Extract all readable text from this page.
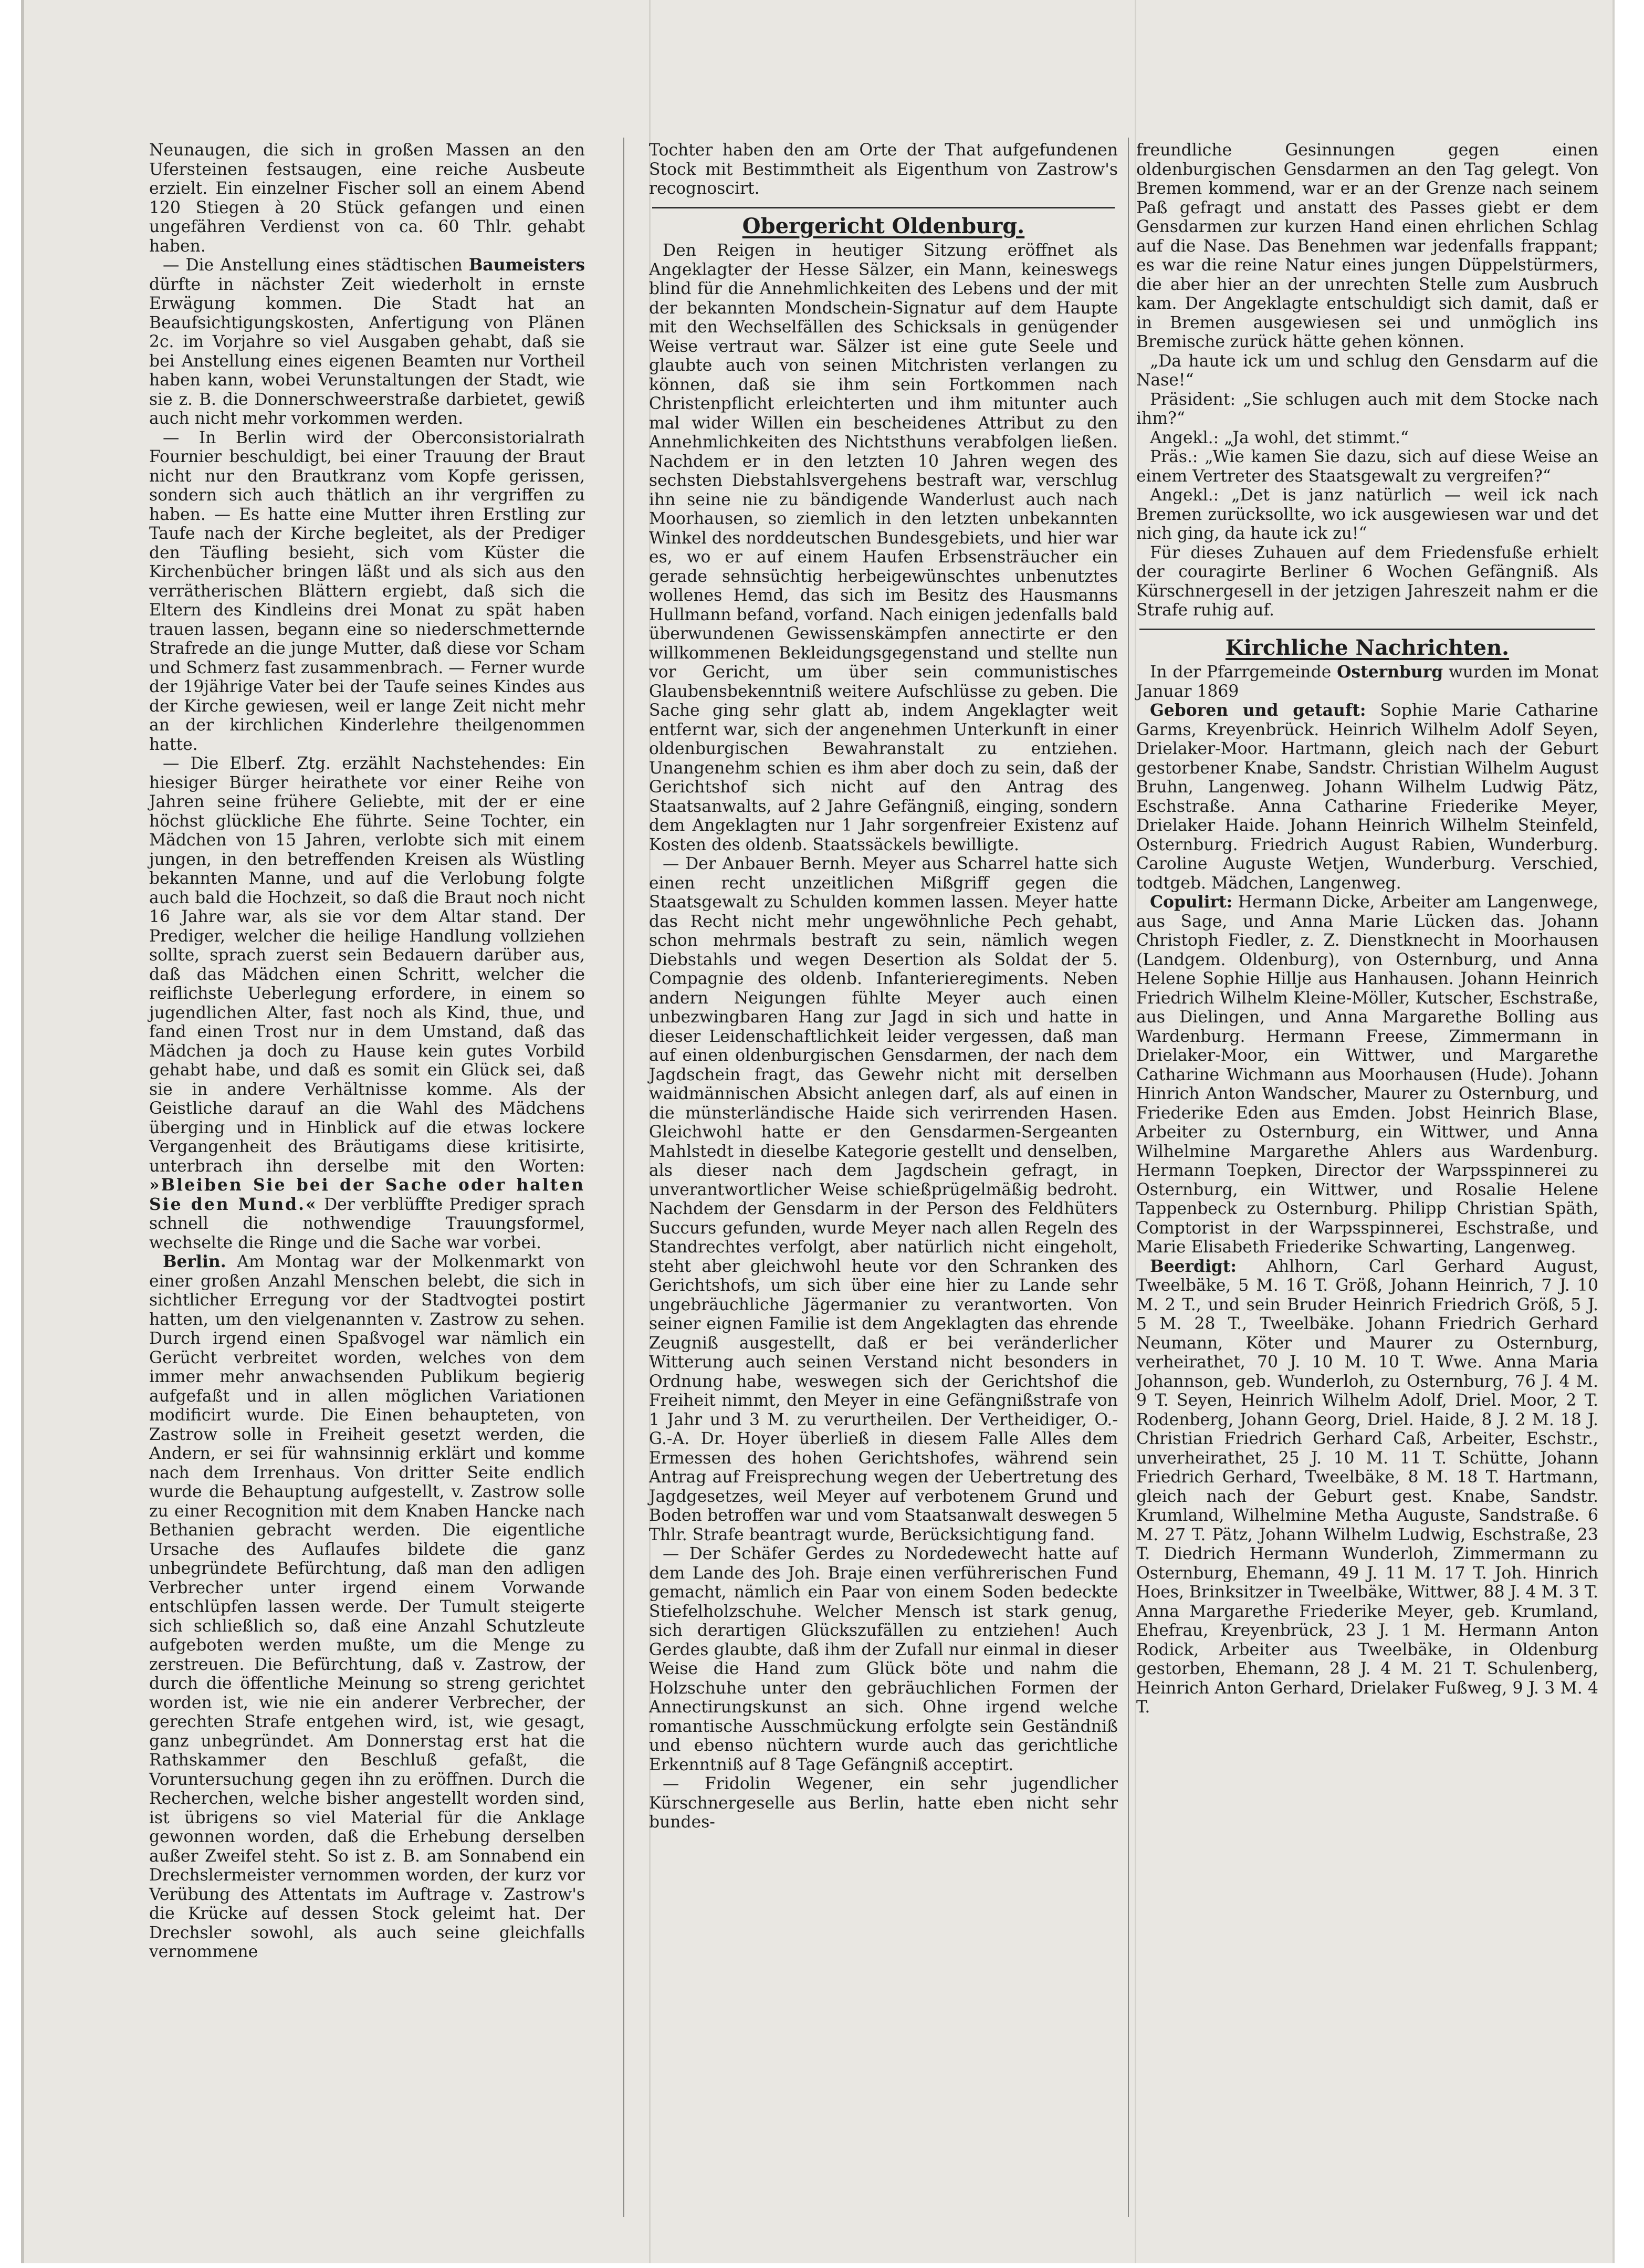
Neunaugen, die sich in großen Massen an den Ufersteinen festsaugen, eine reiche Ausbeute erzielt. Ein einzelner Fischer soll an einem Abend 120 Stiegen à 20 Stück gefangen und einen ungefähren Verdienst von ca. 60 Thlr. gehabt haben.

— Die Anstellung eines städtischen Baumeisters dürfte in nächster Zeit wiederholt in ernste Erwägung kommen. Die Stadt hat an Beaufsichtigungskosten, Anfertigung von Plänen 2c. im Vorjahre so viel Ausgaben gehabt, daß sie bei Anstellung eines eigenen Beamten nur Vortheil haben kann, wobei Verunstaltungen der Stadt, wie sie z. B. die Donnerschweerstraße darbietet, gewiß auch nicht mehr vorkommen werden.

— In Berlin wird der Oberconsistorialrath Fournier beschuldigt, bei einer Trauung der Braut nicht nur den Brautkranz vom Kopfe gerissen, sondern sich auch thätlich an ihr vergriffen zu haben. — Es hatte eine Mutter ihren Erstling zur Taufe nach der Kirche begleitet, als der Prediger den Täufling besieht, sich vom Küster die Kirchenbücher bringen läßt und als sich aus den verrätherischen Blättern ergiebt, daß sich die Eltern des Kindleins drei Monat zu spät haben trauen lassen, begann eine so niederschmetternde Strafrede an die junge Mutter, daß diese vor Scham und Schmerz fast zusammenbrach. — Ferner wurde der 19jährige Vater bei der Taufe seines Kindes aus der Kirche gewiesen, weil er lange Zeit nicht mehr an der kirchlichen Kinderlehre theilgenommen hatte.

— Die Elberf. Ztg. erzählt Nachstehendes: Ein hiesiger Bürger heirathete vor einer Reihe von Jahren seine frühere Geliebte, mit der er eine höchst glückliche Ehe führte. Seine Tochter, ein Mädchen von 15 Jahren, verlobte sich mit einem jungen, in den betreffenden Kreisen als Wüstling bekannten Manne, und auf die Verlobung folgte auch bald die Hochzeit, so daß die Braut noch nicht 16 Jahre war, als sie vor dem Altar stand. Der Prediger, welcher die heilige Handlung vollziehen sollte, sprach zuerst sein Bedauern darüber aus, daß das Mädchen einen Schritt, welcher die reiflichste Ueberlegung erfordere, in einem so jugendlichen Alter, fast noch als Kind, thue, und fand einen Trost nur in dem Umstand, daß das Mädchen ja doch zu Hause kein gutes Vorbild gehabt habe, und daß es somit ein Glück sei, daß sie in andere Verhältnisse komme. Als der Geistliche darauf an die Wahl des Mädchens überging und in Hinblick auf die etwas lockere Vergangenheit des Bräutigams diese kritisirte, unterbrach ihn derselbe mit den Worten: »Bleiben Sie bei der Sache oder halten Sie den Mund.« Der verblüffte Prediger sprach schnell die nothwendige Trauungsformel, wechselte die Ringe und die Sache war vorbei.

Berlin. Am Montag war der Molkenmarkt von einer großen Anzahl Menschen belebt, die sich in sichtlicher Erregung vor der Stadtvogtei postirt hatten, um den vielgenannten v. Zastrow zu sehen. Durch irgend einen Spaßvogel war nämlich ein Gerücht verbreitet worden, welches von dem immer mehr anwachsenden Publikum begierig aufgefaßt und in allen möglichen Variationen modificirt wurde. Die Einen behaupteten, von Zastrow solle in Freiheit gesetzt werden, die Andern, er sei für wahnsinnig erklärt und komme nach dem Irrenhaus. Von dritter Seite endlich wurde die Behauptung aufgestellt, v. Zastrow solle zu einer Recognition mit dem Knaben Hancke nach Bethanien gebracht werden. Die eigentliche Ursache des Auflaufes bildete die ganz unbegründete Befürchtung, daß man den adligen Verbrecher unter irgend einem Vorwande entschlüpfen lassen werde. Der Tumult steigerte sich schließlich so, daß eine Anzahl Schutzleute aufgeboten werden mußte, um die Menge zu zerstreuen. Die Befürchtung, daß v. Zastrow, der durch die öffentliche Meinung so streng gerichtet worden ist, wie nie ein anderer Verbrecher, der gerechten Strafe entgehen wird, ist, wie gesagt, ganz unbegründet. Am Donnerstag erst hat die Rathskammer den Beschluß gefaßt, die Voruntersuchung gegen ihn zu eröffnen. Durch die Recherchen, welche bisher angestellt worden sind, ist übrigens so viel Material für die Anklage gewonnen worden, daß die Erhebung derselben außer Zweifel steht. So ist z. B. am Sonnabend ein Drechslermeister vernommen worden, der kurz vor Verübung des Attentats im Auftrage v. Zastrow's die Krücke auf dessen Stock geleimt hat. Der Drechsler sowohl, als auch seine gleichfalls vernommene

Tochter haben den am Orte der That aufgefundenen Stock mit Bestimmtheit als Eigenthum von Zastrow's recognoscirt.

Obergericht Oldenburg.

Den Reigen in heutiger Sitzung eröffnet als Angeklagter der Hesse Sälzer, ein Mann, keineswegs blind für die Annehmlichkeiten des Lebens und der mit der bekannten Mondschein-Signatur auf dem Haupte mit den Wechselfällen des Schicksals in genügender Weise vertraut war. Sälzer ist eine gute Seele und glaubte auch von seinen Mitchristen verlangen zu können, daß sie ihm sein Fortkommen nach Christenpflicht erleichterten und ihm mitunter auch mal wider Willen ein bescheidenes Attribut zu den Annehmlichkeiten des Nichtsthuns verabfolgen ließen. Nachdem er in den letzten 10 Jahren wegen des sechsten Diebstahlsvergehens bestraft war, verschlug ihn seine nie zu bändigende Wanderlust auch nach Moorhausen, so ziemlich in den letzten unbekannten Winkel des norddeutschen Bundesgebiets, und hier war es, wo er auf einem Haufen Erbsensträucher ein gerade sehnsüchtig herbeigewünschtes unbenutztes wollenes Hemd, das sich im Besitz des Hausmanns Hullmann befand, vorfand. Nach einigen jedenfalls bald überwundenen Gewissenskämpfen annectirte er den willkommenen Bekleidungsgegenstand und stellte nun vor Gericht, um über sein communistisches Glaubensbekenntniß weitere Aufschlüsse zu geben. Die Sache ging sehr glatt ab, indem Angeklagter weit entfernt war, sich der angenehmen Unterkunft in einer oldenburgischen Bewahranstalt zu entziehen. Unangenehm schien es ihm aber doch zu sein, daß der Gerichtshof sich nicht auf den Antrag des Staatsanwalts, auf 2 Jahre Gefängniß, einging, sondern dem Angeklagten nur 1 Jahr sorgenfreier Existenz auf Kosten des oldenb. Staatssäckels bewilligte.

— Der Anbauer Bernh. Meyer aus Scharrel hatte sich einen recht unzeitlichen Mißgriff gegen die Staatsgewalt zu Schulden kommen lassen. Meyer hatte das Recht nicht mehr ungewöhnliche Pech gehabt, schon mehrmals bestraft zu sein, nämlich wegen Diebstahls und wegen Desertion als Soldat der 5. Compagnie des oldenb. Infanterieregiments. Neben andern Neigungen fühlte Meyer auch einen unbezwingbaren Hang zur Jagd in sich und hatte in dieser Leidenschaftlichkeit leider vergessen, daß man auf einen oldenburgischen Gensdarmen, der nach dem Jagdschein fragt, das Gewehr nicht mit derselben waidmännischen Absicht anlegen darf, als auf einen in die münsterländische Haide sich verirrenden Hasen. Gleichwohl hatte er den Gensdarmen-Sergeanten Mahlstedt in dieselbe Kategorie gestellt und denselben, als dieser nach dem Jagdschein gefragt, in unverantwortlicher Weise schießprügelmäßig bedroht. Nachdem der Gensdarm in der Person des Feldhüters Succurs gefunden, wurde Meyer nach allen Regeln des Standrechtes verfolgt, aber natürlich nicht eingeholt, steht aber gleichwohl heute vor den Schranken des Gerichtshofs, um sich über eine hier zu Lande sehr ungebräuchliche Jägermanier zu verantworten. Von seiner eignen Familie ist dem Angeklagten das ehrende Zeugniß ausgestellt, daß er bei veränderlicher Witterung auch seinen Verstand nicht besonders in Ordnung habe, weswegen sich der Gerichtshof die Freiheit nimmt, den Meyer in eine Gefängnißstrafe von 1 Jahr und 3 M. zu verurtheilen. Der Vertheidiger, O.-G.-A. Dr. Hoyer überließ in diesem Falle Alles dem Ermessen des hohen Gerichtshofes, während sein Antrag auf Freisprechung wegen der Uebertretung des Jagdgesetzes, weil Meyer auf verbotenem Grund und Boden betroffen war und vom Staatsanwalt deswegen 5 Thlr. Strafe beantragt wurde, Berücksichtigung fand.

— Der Schäfer Gerdes zu Nordedewecht hatte auf dem Lande des Joh. Braje einen verführerischen Fund gemacht, nämlich ein Paar von einem Soden bedeckte Stiefelholzschuhe. Welcher Mensch ist stark genug, sich derartigen Glückszufällen zu entziehen! Auch Gerdes glaubte, daß ihm der Zufall nur einmal in dieser Weise die Hand zum Glück böte und nahm die Holzschuhe unter den gebräuchlichen Formen der Annectirungskunst an sich. Ohne irgend welche romantische Ausschmückung erfolgte sein Geständniß und ebenso nüchtern wurde auch das gerichtliche Erkenntniß auf 8 Tage Gefängniß acceptirt.

— Fridolin Wegener, ein sehr jugendlicher Kürschnergeselle aus Berlin, hatte eben nicht sehr bundes-

freundliche Gesinnungen gegen einen oldenburgischen Gensdarmen an den Tag gelegt. Von Bremen kommend, war er an der Grenze nach seinem Paß gefragt und anstatt des Passes giebt er dem Gensdarmen zur kurzen Hand einen ehrlichen Schlag auf die Nase. Das Benehmen war jedenfalls frappant; es war die reine Natur eines jungen Düppelstürmers, die aber hier an der unrechten Stelle zum Ausbruch kam. Der Angeklagte entschuldigt sich damit, daß er in Bremen ausgewiesen sei und unmöglich ins Bremische zurück hätte gehen können.

„Da haute ick um und schlug den Gensdarm auf die Nase!“

Präsident: „Sie schlugen auch mit dem Stocke nach ihm?“

Angekl.: „Ja wohl, det stimmt.“

Präs.: „Wie kamen Sie dazu, sich auf diese Weise an einem Vertreter des Staatsgewalt zu vergreifen?“

Angekl.: „Det is janz natürlich — weil ick nach Bremen zurücksollte, wo ick ausgewiesen war und det nich ging, da haute ick zu!“

Für dieses Zuhauen auf dem Friedensfuße erhielt der couragirte Berliner 6 Wochen Gefängniß. Als Kürschnergesell in der jetzigen Jahreszeit nahm er die Strafe ruhig auf.

Kirchliche Nachrichten.

In der Pfarrgemeinde Osternburg wurden im Monat Januar 1869

Geboren und getauft: Sophie Marie Catharine Garms, Kreyenbrück. Heinrich Wilhelm Adolf Seyen, Drielaker-Moor. Hartmann, gleich nach der Geburt gestorbener Knabe, Sandstr. Christian Wilhelm August Bruhn, Langenweg. Johann Wilhelm Ludwig Pätz, Eschstraße. Anna Catharine Friederike Meyer, Drielaker Haide. Johann Heinrich Wilhelm Steinfeld, Osternburg. Friedrich August Rabien, Wunderburg. Caroline Auguste Wetjen, Wunderburg. Verschied, todtgeb. Mädchen, Langenweg.

Copulirt: Hermann Dicke, Arbeiter am Langenwege, aus Sage, und Anna Marie Lücken das. Johann Christoph Fiedler, z. Z. Dienstknecht in Moorhausen (Landgem. Oldenburg), von Osternburg, und Anna Helene Sophie Hillje aus Hanhausen. Johann Heinrich Friedrich Wilhelm Kleine-Möller, Kutscher, Eschstraße, aus Dielingen, und Anna Margarethe Bolling aus Wardenburg. Hermann Freese, Zimmermann in Drielaker-Moor, ein Wittwer, und Margarethe Catharine Wichmann aus Moorhausen (Hude). Johann Hinrich Anton Wandscher, Maurer zu Osternburg, und Friederike Eden aus Emden. Jobst Heinrich Blase, Arbeiter zu Osternburg, ein Wittwer, und Anna Wilhelmine Margarethe Ahlers aus Wardenburg. Hermann Toepken, Director der Warpsspinnerei zu Osternburg, ein Wittwer, und Rosalie Helene Tappenbeck zu Osternburg. Philipp Christian Späth, Comptorist in der Warpsspinnerei, Eschstraße, und Marie Elisabeth Friederike Schwarting, Langenweg.

Beerdigt: Ahlhorn, Carl Gerhard August, Tweelbäke, 5 M. 16 T. Größ, Johann Heinrich, 7 J. 10 M. 2 T., und sein Bruder Heinrich Friedrich Größ, 5 J. 5 M. 28 T., Tweelbäke. Johann Friedrich Gerhard Neumann, Köter und Maurer zu Osternburg, verheirathet, 70 J. 10 M. 10 T. Wwe. Anna Maria Johannson, geb. Wunderloh, zu Osternburg, 76 J. 4 M. 9 T. Seyen, Heinrich Wilhelm Adolf, Driel. Moor, 2 T. Rodenberg, Johann Georg, Driel. Haide, 8 J. 2 M. 18 J. Christian Friedrich Gerhard Caß, Arbeiter, Eschstr., unverheirathet, 25 J. 10 M. 11 T. Schütte, Johann Friedrich Gerhard, Tweelbäke, 8 M. 18 T. Hartmann, gleich nach der Geburt gest. Knabe, Sandstr. Krumland, Wilhelmine Metha Auguste, Sandstraße. 6 M. 27 T. Pätz, Johann Wilhelm Ludwig, Eschstraße, 23 T. Diedrich Hermann Wunderloh, Zimmermann zu Osternburg, Ehemann, 49 J. 11 M. 17 T. Joh. Hinrich Hoes, Brinksitzer in Tweelbäke, Wittwer, 88 J. 4 M. 3 T. Anna Margarethe Friederike Meyer, geb. Krumland, Ehefrau, Kreyenbrück, 23 J. 1 M. Hermann Anton Rodick, Arbeiter aus Tweelbäke, in Oldenburg gestorben, Ehemann, 28 J. 4 M. 21 T. Schulenberg, Heinrich Anton Gerhard, Drielaker Fußweg, 9 J. 3 M. 4 T.
